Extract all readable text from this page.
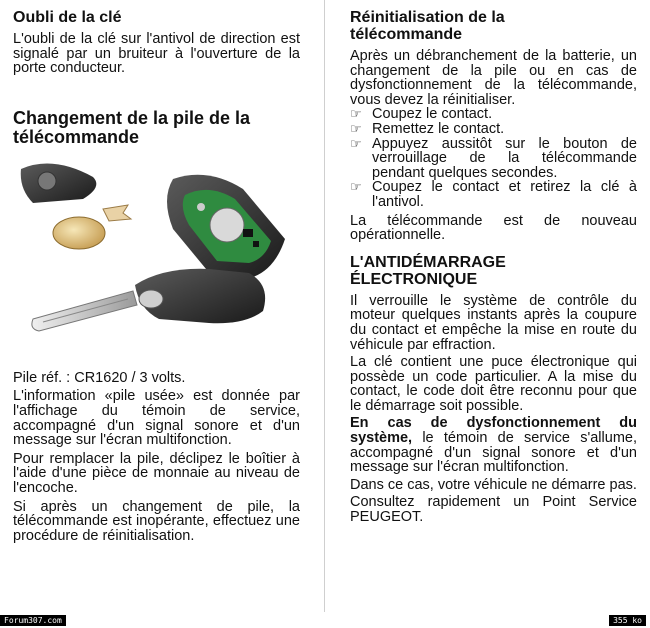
Oubli de la clé

L'oubli de la clé sur l'antivol de direction est signalé par un bruiteur à l'ouverture de la porte conducteur.

Changement de la pile de la
télécommande

Pile réf. : CR1620 / 3 volts.

L'information «pile usée» est donnée par l'affichage du témoin de service, accompagné d'un signal sonore et d'un message sur l'écran multifonction.

Pour remplacer la pile, déclipez le boîtier à l'aide d'une pièce de monnaie au niveau de l'encoche.

Si après un changement de pile, la télécommande est inopérante, effectuez une procédure de réinitialisation.

Réinitialisation de la
télécommande

Après un débranchement de la batterie, un changement de la pile ou en cas de dysfonctionnement de la télécommande, vous devez la réinitialiser.

☞ Coupez le contact.
☞ Remettez le contact.
☞ Appuyez aussitôt sur le bouton de verrouillage de la télécommande pendant quelques secondes.
☞ Coupez le contact et retirez la clé à l'antivol.

La télécommande est de nouveau opérationnelle.

L'ANTIDÉMARRAGE
ÉLECTRONIQUE

Il verrouille le système de contrôle du moteur quelques instants après la coupure du contact et empêche la mise en route du véhicule par effraction.

La clé contient une puce électronique qui possède un code particulier. A la mise du contact, le code doit être reconnu pour que le démarrage soit possible.

En cas de dysfonctionnement du système, le témoin de service s'allume, accompagné d'un signal sonore et d'un message sur l'écran multifonction.

Dans ce cas, votre véhicule ne démarre pas.

Consultez rapidement un Point Service PEUGEOT.

Forum307.com	355 ko
